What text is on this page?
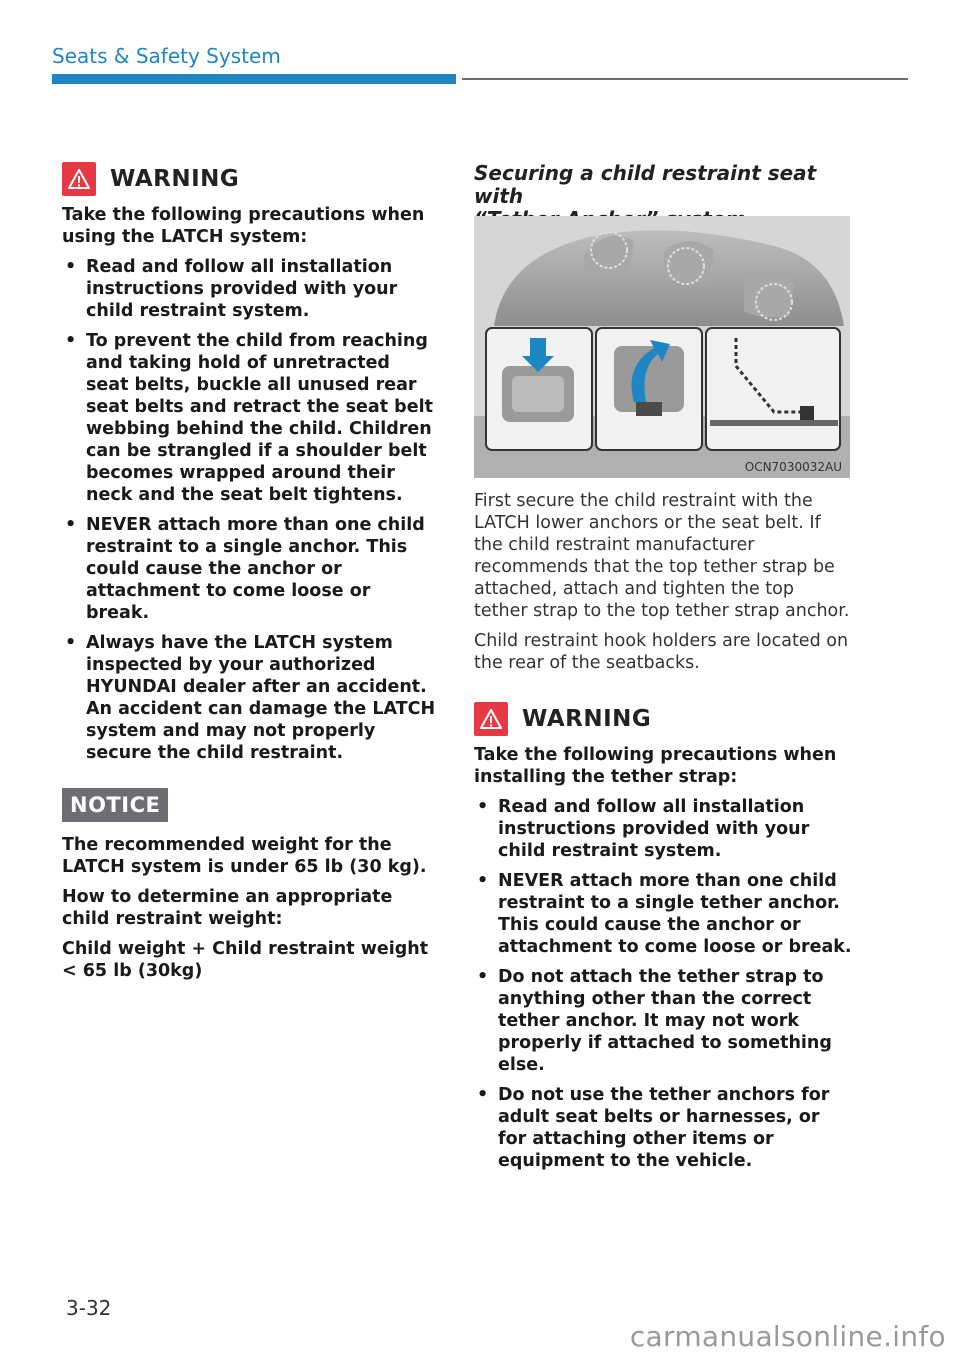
Seats & Safety System
WARNING

Take the following precautions when using the LATCH system:

• Read and follow all installation instructions provided with your child restraint system.
• To prevent the child from reaching and taking hold of unretracted seat belts, buckle all unused rear seat belts and retract the seat belt webbing behind the child. Children can be strangled if a shoulder belt becomes wrapped around their neck and the seat belt tightens.
• NEVER attach more than one child restraint to a single anchor. This could cause the anchor or attachment to come loose or break.
• Always have the LATCH system inspected by your authorized HYUNDAI dealer after an accident. An accident can damage the LATCH system and may not properly secure the child restraint.
NOTICE

The recommended weight for the LATCH system is under 65 lb (30 kg).

How to determine an appropriate child restraint weight:

Child weight + Child restraint weight < 65 lb (30kg)

Securing a child restraint seat with

OCN7030032AU

First secure the child restraint with the LATCH lower anchors or the seat belt. If the child restraint manufacturer recommends that the top tether strap be attached, attach and tighten the top tether strap to the top tether strap anchor.

Child restraint hook holders are located on the rear of the seatbacks.

WARNING

Take the following precautions when installing the tether strap:

• Read and follow all installation instructions provided with your child restraint system.
• NEVER attach more than one child restraint to a single tether anchor. This could cause the anchor or attachment to come loose or break.
• Do not attach the tether strap to anything other than the correct tether anchor. It may not work properly if attached to something else.
• Do not use the tether anchors for adult seat belts or harnesses, or for attaching other items or equipment to the vehicle.
3-32
carmanualsonline.info
